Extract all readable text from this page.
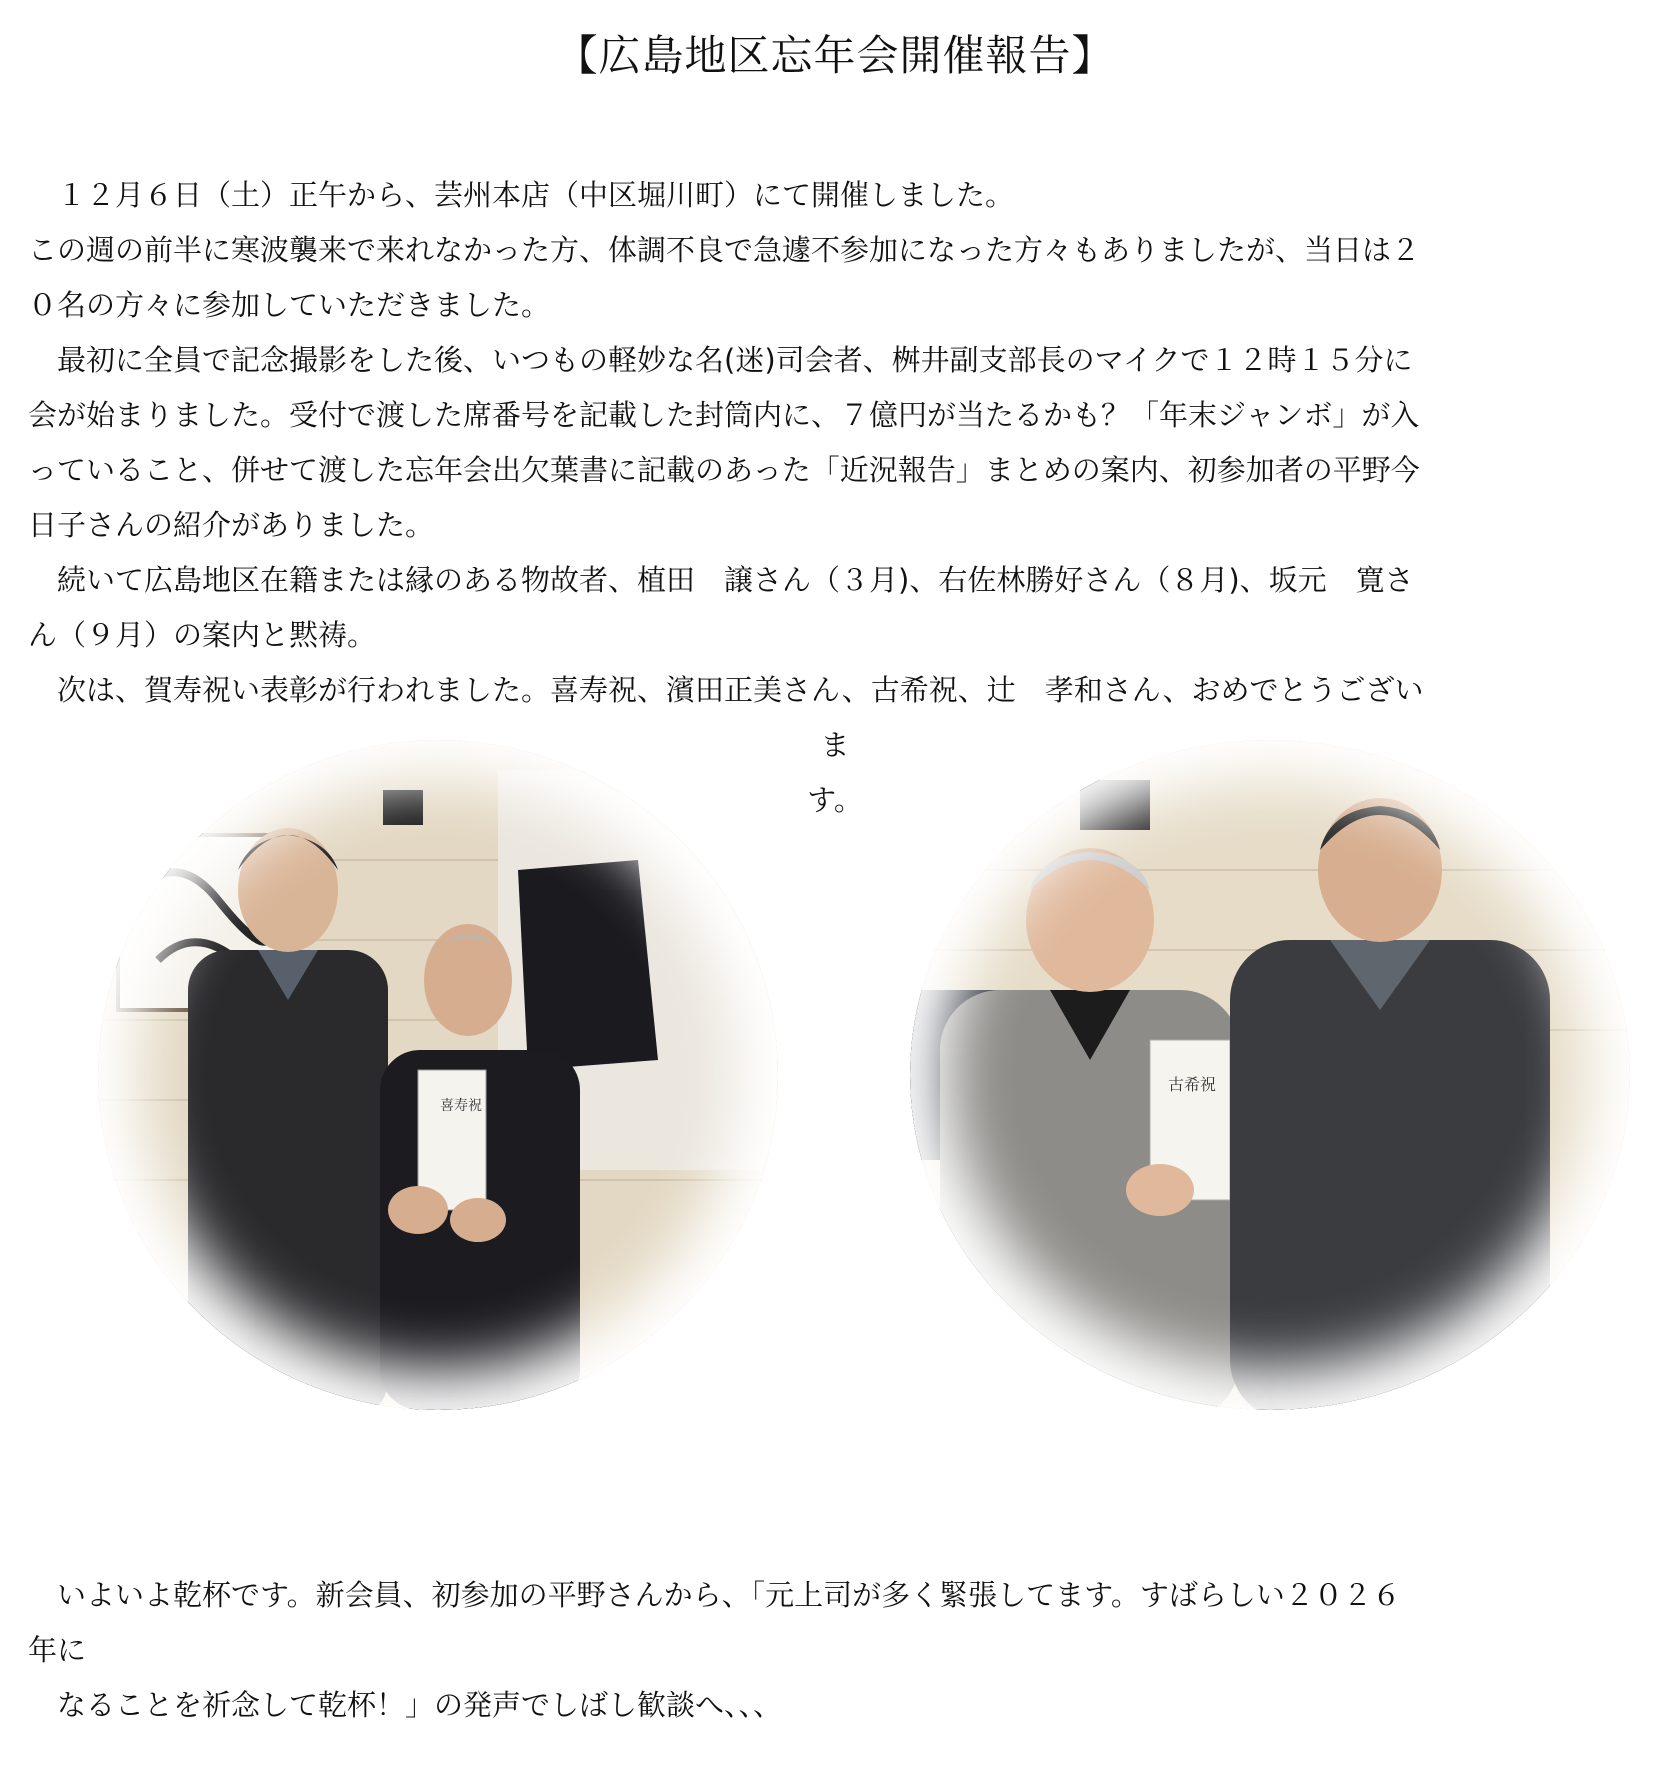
【広島地区忘年会開催報告】
　１２月６日（土）正午から、芸州本店（中区堀川町）にて開催しました。
この週の前半に寒波襲来で来れなかった方、体調不良で急遽不参加になった方々もありましたが、当日は２
０名の方々に参加していただきました。
　最初に全員で記念撮影をした後、いつもの軽妙な名(迷)司会者、桝井副支部長のマイクで１２時１５分に
会が始まりました。受付で渡した席番号を記載した封筒内に、７億円が当たるかも？「年末ジャンボ」が入
っていること、併せて渡した忘年会出欠葉書に記載のあった「近況報告」まとめの案内、初参加者の平野今
日子さんの紹介がありました。
　続いて広島地区在籍または縁のある物故者、植田　譲さん（３月)、右佐林勝好さん（８月)、坂元　寛さ
ん（９月）の案内と黙祷。
　次は、賀寿祝い表彰が行われました。喜寿祝、濱田正美さん、古希祝、辻　孝和さん、おめでとうござい
ま
す。
喜寿祝
古希祝
　いよいよ乾杯です。新会員、初参加の平野さんから、「元上司が多く緊張してます。すばらしい２０２６
年に
　なることを祈念して乾杯！」の発声でしばし歓談へ、、、
